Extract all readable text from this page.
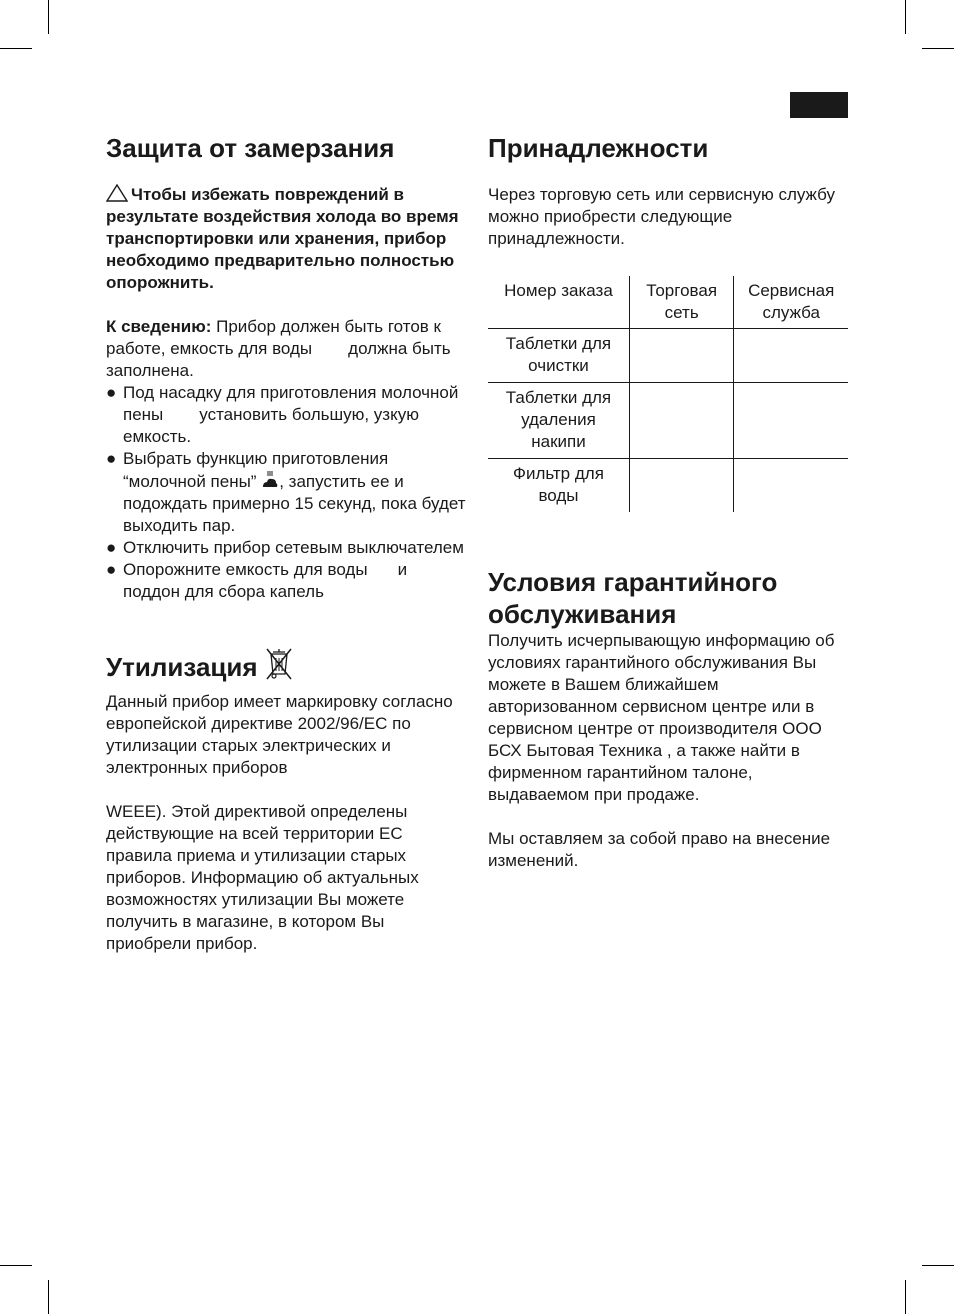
Защита от замерзания

Чтобы избежать повреждений в результате воздействия холода во время транспортировки или хранения, прибор необходимо предварительно полностью опорожнить.

К сведению: Прибор должен быть готов к работе, емкость для воды должна быть заполнена.

● Под насадку для приготовления молочной пены установить большую, узкую емкость.
● Выбрать функцию приготовления “молочной пены” , запустить ее и подождать примерно 15 секунд, пока будет выходить пар.
● Отключить прибор сетевым выключателем
● Опорожните емкость для воды и поддон для сбора капель
Утилизация

Данный прибор имеет маркировку согласно европейской директиве 2002/96/EC по утилизации старых электрических и электронных приборов

WEEE). Этой директивой определены действующие на всей территории ЕС правила приема и утилизации старых приборов. Информацию об актуальных возможностях утилизации Вы можете получить в магазине, в котором Вы приобрели прибор.

Принадлежности

Через торговую сеть или сервисную службу можно приобрести следующие принадлежности.

Номер заказа	Торговая сеть	Сервисная служба
Таблетки для очистки		
Таблетки для удаления накипи		
Фильтр для воды		
Условия гарантийного обслуживания

Получить исчерпывающую информацию об условиях гарантийного обслуживания Вы можете в Вашем ближайшем авторизованном сервисном центре или в сервисном центре от производителя ООО БСХ Бытовая Техника , а также найти в фирменном гарантийном талоне, выдаваемом при продаже.

Мы оставляем за собой право на внесение изменений.
